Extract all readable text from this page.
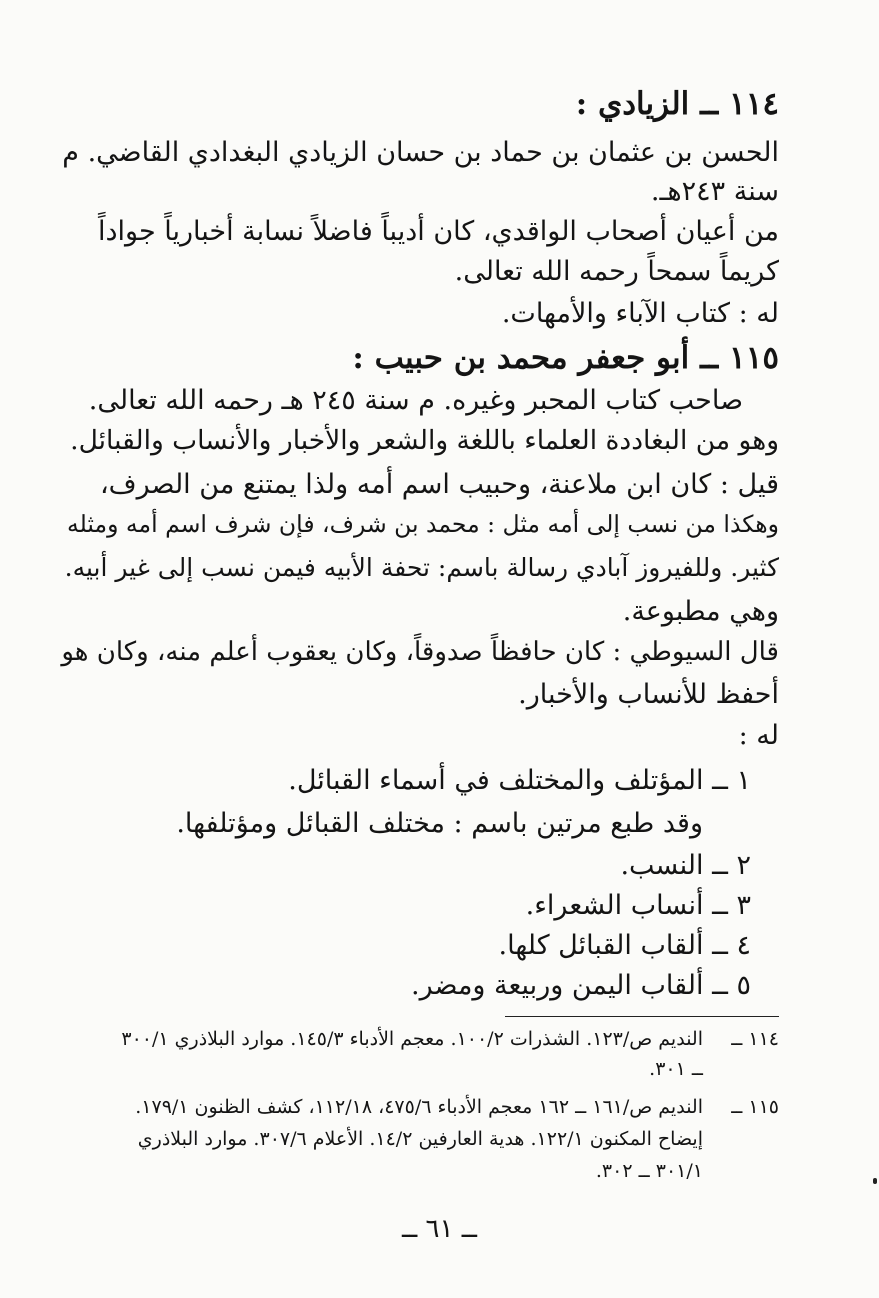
١١٤ ــ الزيادي :
الحسن بن عثمان بن حماد بن حسان الزيادي البغدادي القاضي. م
سنة ٢٤٣هـ.
من أعيان أصحاب الواقدي، كان أديباً فاضلاً نسابة أخبارياً جواداً
كريماً سمحاً رحمه الله تعالى.
له : كتاب الآباء والأمهات.
١١٥ ــ أبو جعفر محمد بن حبيب :
صاحب كتاب المحبر وغيره. م سنة ٢٤٥ هـ رحمه الله تعالى.
وهو من البغاددة العلماء باللغة والشعر والأخبار والأنساب والقبائل.
قيل : كان ابن ملاعنة، وحبيب اسم أمه ولذا يمتنع من الصرف،
وهكذا من نسب إلى أمه مثل : محمد بن شرف، فإن شرف اسم أمه ومثله
كثير. وللفيروز آبادي رسالة باسم: تحفة الأبيه فيمن نسب إلى غير أبيه.
وهي مطبوعة.
قال السيوطي : كان حافظاً صدوقاً، وكان يعقوب أعلم منه، وكان هو
أحفظ للأنساب والأخبار.
له :
١ ــ المؤتلف والمختلف في أسماء القبائل.
وقد طبع مرتين باسم : مختلف القبائل ومؤتلفها.
٢ ــ النسب.
٣ ــ أنساب الشعراء.
٤ ــ ألقاب القبائل كلها.
٥ ــ ألقاب اليمن وربيعة ومضر.
١١٤ ــ
النديم ص/١٢٣. الشذرات ١٠٠/٢. معجم الأدباء ١٤٥/٣. موارد البلاذري ٣٠٠/١
ــ ٣٠١.
١١٥ ــ
النديم ص/١٦١ ــ ١٦٢ معجم الأدباء ٤٧٥/٦، ١١٢/١٨، كشف الظنون ١٧٩/١.
إيضاح المكنون ١٢٢/١. هدية العارفين ١٤/٢. الأعلام ٣٠٧/٦. موارد البلاذري
٣٠١/١ ــ ٣٠٢.
ــ ٦١ ــ
